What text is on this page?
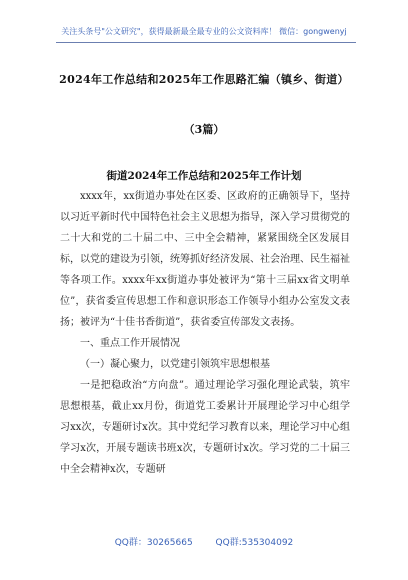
关注头条号"公文研究"，获得最新最全最专业的公文资料库！ 微信：gongwenyj
2024年工作总结和2025年工作思路汇编（镇乡、街道）
（3篇）
街道2024年工作总结和2025年工作计划

xxxx年，xx街道办事处在区委、区政府的正确领导下，坚持以习近平新时代中国特色社会主义思想为指导，深入学习贯彻党的二十大和党的二十届二中、三中全会精神，紧紧围绕全区发展目标，以党的建设为引领，统筹抓好经济发展、社会治理、民生福祉等各项工作。xxxx年xx街道办事处被评为“第十三届xx省文明单位”，获省委宣传思想工作和意识形态工作领导小组办公室发文表扬；被评为“十佳书香街道”，获省委宣传部发文表扬。

一、重点工作开展情况

（一）凝心聚力，以党建引领筑牢思想根基

一是把稳政治“方向盘”。通过理论学习强化理论武装，筑牢思想根基，截止xx月份，街道党工委累计开展理论学习中心组学习xx次，专题研讨x次。其中党纪学习教育以来，理论学习中心组学习x次，开展专题读书班x次，专题研讨x次。学习党的二十届三中全会精神x次，专题研

QQ群：30265665	QQ群:535304092
